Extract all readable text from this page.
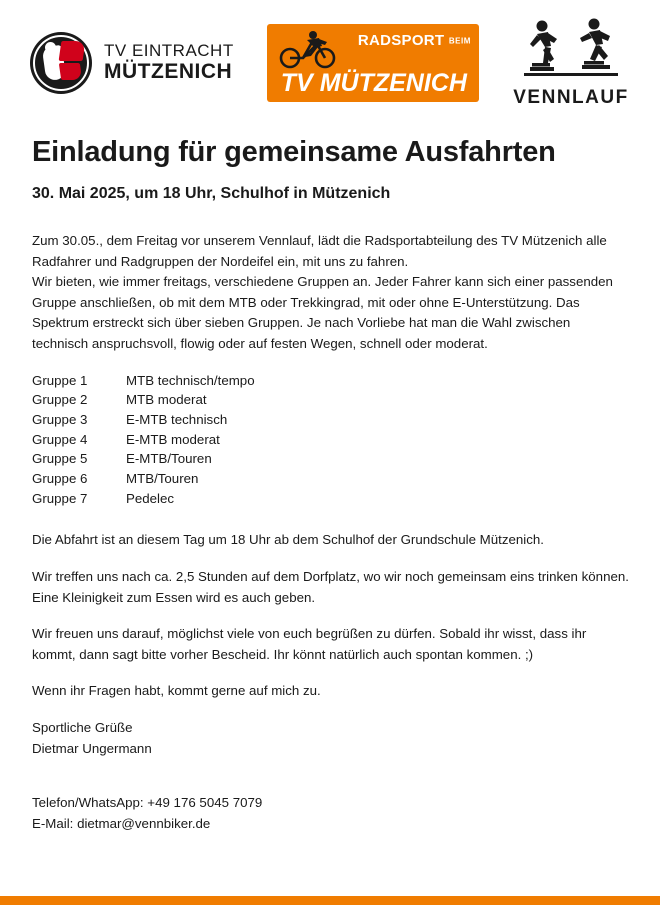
TV EINTRACHT
MÜTZENICH
RADSPORT BEIM
TV MÜTZENICH
VENNLAUF
Einladung für gemeinsame Ausfahrten
30. Mai 2025, um 18 Uhr, Schulhof in Mützenich

Zum 30.05., dem Freitag vor unserem Vennlauf, lädt die Radsportabteilung des TV Mützenich alle Radfahrer und Radgruppen der Nordeifel ein, mit uns zu fahren.

Wir bieten, wie immer freitags, verschiedene Gruppen an. Jeder Fahrer kann sich einer passenden Gruppe anschließen, ob mit dem MTB oder Trekkingrad, mit oder ohne E-Unterstützung. Das Spektrum erstreckt sich über sieben Gruppen. Je nach Vorliebe hat man die Wahl zwischen technisch anspruchsvoll, flowig oder auf festen Wegen, schnell oder moderat.

Gruppe 1	MTB technisch/tempo
Gruppe 2	MTB moderat
Gruppe 3	E-MTB technisch
Gruppe 4	E-MTB moderat
Gruppe 5	E-MTB/Touren
Gruppe 6	MTB/Touren
Gruppe 7	Pedelec

Die Abfahrt ist an diesem Tag um 18 Uhr ab dem Schulhof der Grundschule Mützenich.

Wir treffen uns nach ca. 2,5 Stunden auf dem Dorfplatz, wo wir noch gemeinsam eins trinken können. Eine Kleinigkeit zum Essen wird es auch geben.

Wir freuen uns darauf, möglichst viele von euch begrüßen zu dürfen. Sobald ihr wisst, dass ihr kommt, dann sagt bitte vorher Bescheid. Ihr könnt natürlich auch spontan kommen. ;)

Wenn ihr Fragen habt, kommt gerne auf mich zu.

Sportliche Grüße
Dietmar Ungermann
Telefon/WhatsApp: +49 176 5045 7079
E-Mail: dietmar@vennbiker.de
